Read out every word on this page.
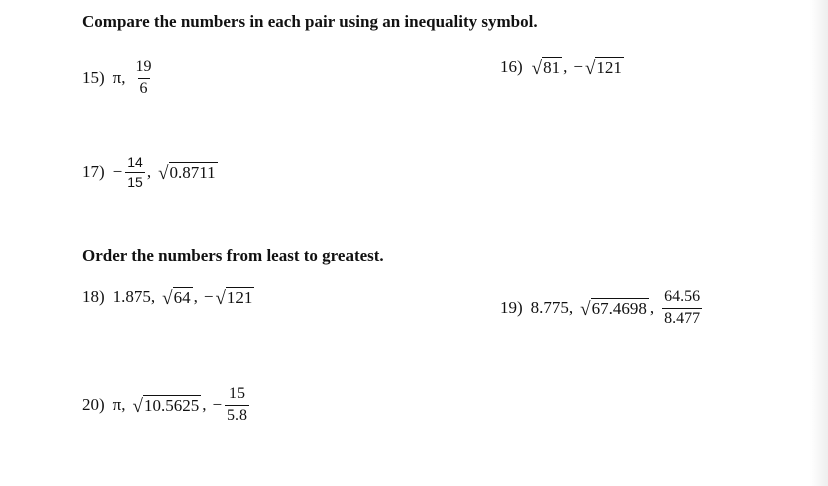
Compare the numbers in each pair using an inequality symbol.
15) π, $\frac{19}{6}$	16) √ 81 , − √ 121
$17) - \frac{14}{15}$ , √ 0.8711
Order the numbers from least to greatest.
18) 1.875, √ 64 , − √ 121
19) 8.775, √ 67.4698 , $\frac{64.56}{8.477}$
20) π, √ 10.5625 , − $\frac{15}{5.8}$
